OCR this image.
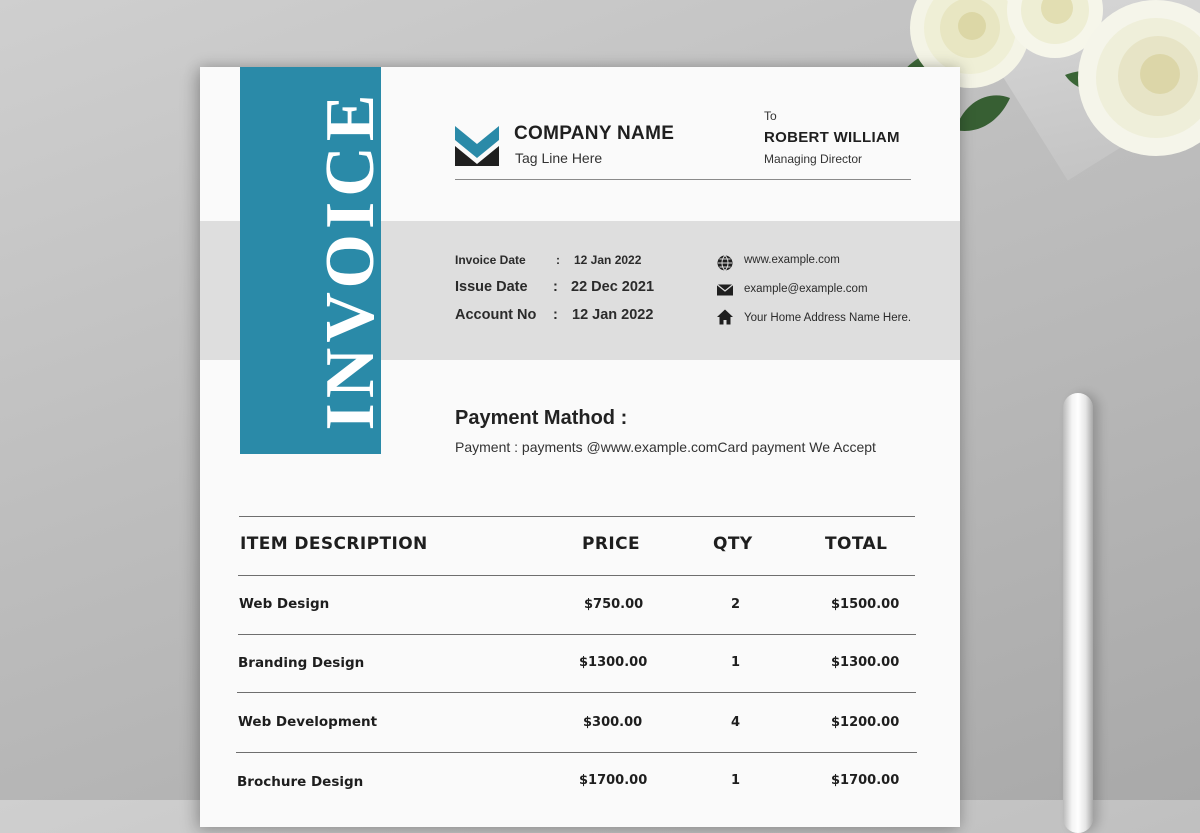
INVOICE	COMPANY NAME
Tag Line Here
To
ROBERT WILLIAM
Managing Director
Invoice Date	: 12 Jan 2022
Issue Date : 22 Dec 2021
Account No : 12 Jan 2022
www.example.com
example@example.com
Your Home Address Name Here.
Payment Mathod :
Payment : payments @www.example.comCard payment We Accept
ITEM DESCRIPTION	PRICE	QTY	TOTAL
Web Design	$750.00	2	$1500.00
Branding Design	$1300.00	1	$1300.00
Web Development	$300.00	4	$1200.00
Brochure Design	$1700.00	1	$1700.00
